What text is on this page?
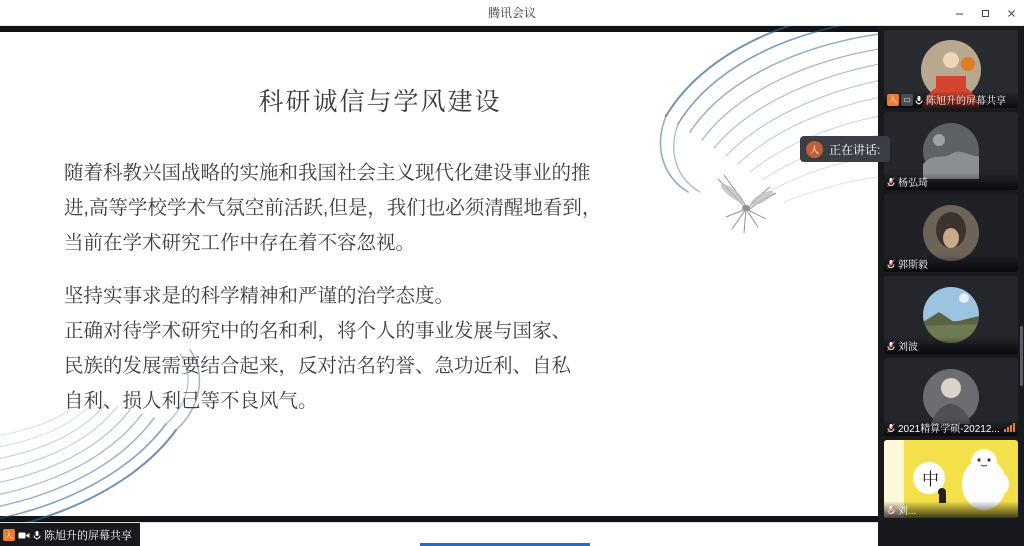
腾讯会议
科研诚信与学风建设

随着科教兴国战略的实施和我国社会主义现代化建设事业的推

进,高等学校学术气氛空前活跃,但是，我们也必须清醒地看到，

当前在学术研究工作中存在着不容忽视。

坚持实事求是的科学精神和严谨的治学态度。

正确对待学术研究中的名和利，将个人的事业发展与国家、

民族的发展需要结合起来，反对沽名钓誉、急功近利、自私

自利、损人利己等不良风气。

人 正在讲话:
人 ▭ 陈旭升的屏幕共享
杨弘琦
郭斯毅
刘波
2021精算学硕-20212...
中
刘...
人	陈旭升的屏幕共享
